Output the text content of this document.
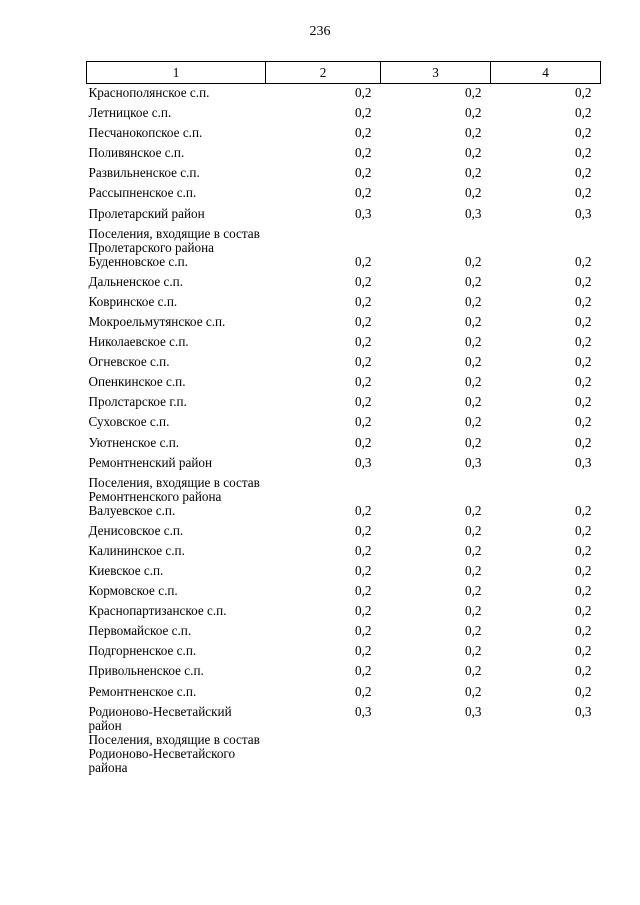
236
1	2	3	4
Краснополянское с.п.	0,2	0,2	0,2
Летницкое с.п.	0,2	0,2	0,2
Песчанокопское с.п.	0,2	0,2	0,2
Поливянское с.п.	0,2	0,2	0,2
Развильненское с.п.	0,2	0,2	0,2
Рассыпненское с.п.	0,2	0,2	0,2
Пролетарский район	0,3	0,3	0,3
Поселения, входящие в состав Пролетарского района			
Буденновское с.п.	0,2	0,2	0,2
Дальненское с.п.	0,2	0,2	0,2
Ковринское с.п.	0,2	0,2	0,2
Мокроельмутянское с.п.	0,2	0,2	0,2
Николаевское с.п.	0,2	0,2	0,2
Огневское с.п.	0,2	0,2	0,2
Опенкинское с.п.	0,2	0,2	0,2
Пролстарское г.п.	0,2	0,2	0,2
Суховское с.п.	0,2	0,2	0,2
Уютненское с.п.	0,2	0,2	0,2
Ремонтненский район	0,3	0,3	0,3
Поселения, входящие в состав Ремонтненского района			
Валуевское с.п.	0,2	0,2	0,2
Денисовское с.п.	0,2	0,2	0,2
Калининское с.п.	0,2	0,2	0,2
Киевское с.п.	0,2	0,2	0,2
Кормовское с.п.	0,2	0,2	0,2
Краснопартизанское с.п.	0,2	0,2	0,2
Первомайское с.п.	0,2	0,2	0,2
Подгорненское с.п.	0,2	0,2	0,2
Привольненское с.п.	0,2	0,2	0,2
Ремонтненское с.п.	0,2	0,2	0,2
Родионово-Несветайский район	0,3	0,3	0,3
Поселения, входящие в состав Родионово-Несветайского района			
